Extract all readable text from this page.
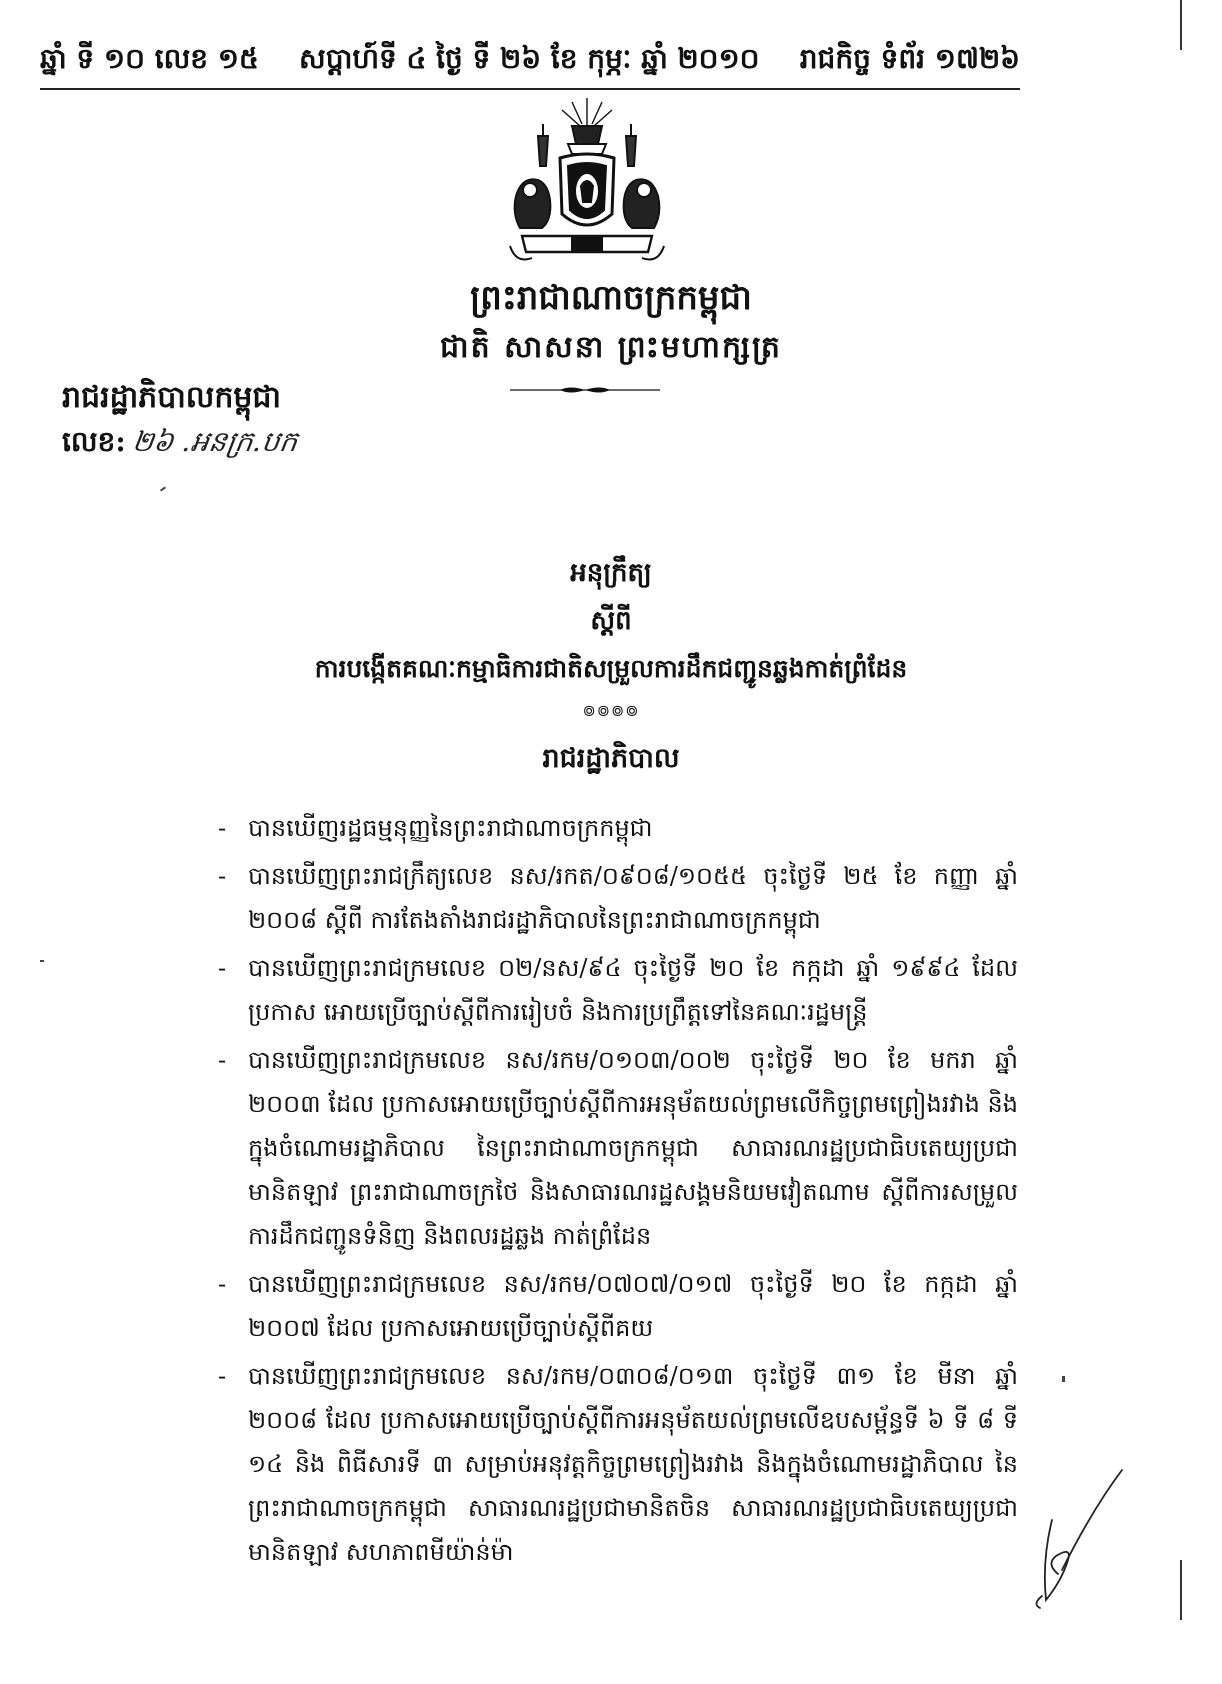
ឆ្នាំ ទី ១០ លេខ ១៥ សប្តាហ៍ទី ៤ ថ្ងៃ ទី ២៦ ខែ កុម្ភៈ ឆ្នាំ ២០១០ រាជកិច្ច ទំព័រ ១៧២៦
ព្រះរាជាណាចក្រកម្ពុជា
ជាតិ សាសនា ព្រះមហាក្សត្រ
រាជរដ្ឋាភិបាលកម្ពុជា
លេខ: ២៦ .អនក្រ.បក
អនុក្រឹត្យ
ស្តីពី
ការបង្កើតគណៈកម្មាធិការជាតិសម្រួលការដឹកជញ្ជូនឆ្លងកាត់ព្រំដែន
៙៙៙៙
រាជរដ្ឋាភិបាល
- បានឃើញរដ្ឋធម្មនុញ្ញនៃព្រះរាជាណាចក្រកម្ពុជា
- បានឃើញព្រះរាជក្រឹត្យលេខ នស/រកត/០៩០៨/១០៥៥ ចុះថ្ងៃទី ២៥ ខែ កញ្ញា ឆ្នាំ ២០០៨ ស្តីពី ការតែងតាំងរាជរដ្ឋាភិបាលនៃព្រះរាជាណាចក្រកម្ពុជា
- បានឃើញព្រះរាជក្រមលេខ ០២/នស/៩៤ ចុះថ្ងៃទី ២០ ខែ កក្កដា ឆ្នាំ ១៩៩៤ ដែលប្រកាស អោយប្រើច្បាប់ស្តីពីការរៀបចំ និងការប្រព្រឹត្តទៅនៃគណៈរដ្ឋមន្ត្រី
- បានឃើញព្រះរាជក្រមលេខ នស/រកម/០១០៣/០០២ ចុះថ្ងៃទី ២០ ខែ មករា ឆ្នាំ ២០០៣ ដែល ប្រកាសអោយប្រើច្បាប់ស្តីពីការអនុម័តយល់ព្រមលើកិច្ចព្រមព្រៀងរវាង និងក្នុងចំណោមរដ្ឋាភិបាល នៃព្រះរាជាណាចក្រកម្ពុជា សាធារណរដ្ឋប្រជាធិបតេយ្យប្រជាមានិតឡាវ ព្រះរាជាណាចក្រថៃ និងសាធារណរដ្ឋសង្គមនិយមវៀតណាម ស្តីពីការសម្រួលការដឹកជញ្ជូនទំនិញ និងពលរដ្ឋឆ្លង កាត់ព្រំដែន
- បានឃើញព្រះរាជក្រមលេខ នស/រកម/០៧០៧/០១៧ ចុះថ្ងៃទី ២០ ខែ កក្កដា ឆ្នាំ ២០០៧ ដែល ប្រកាសអោយប្រើច្បាប់ស្តីពីគយ
- បានឃើញព្រះរាជក្រមលេខ នស/រកម/០៣០៨/០១៣ ចុះថ្ងៃទី ៣១ ខែ មីនា ឆ្នាំ ២០០៨ ដែល ប្រកាសអោយប្រើច្បាប់ស្តីពីការអនុម័តយល់ព្រមលើឧបសម្ព័ន្ធទី ៦ ទី ៨ ទី ១៤ និង ពិធីសារទី ៣ សម្រាប់អនុវត្តកិច្ចព្រមព្រៀងរវាង និងក្នុងចំណោមរដ្ឋាភិបាល នៃព្រះរាជាណាចក្រកម្ពុជា សាធារណរដ្ឋប្រជាមានិតចិន សាធារណរដ្ឋប្រជាធិបតេយ្យប្រជាមានិតឡាវ សហភាពមីយ៉ាន់ម៉ា
